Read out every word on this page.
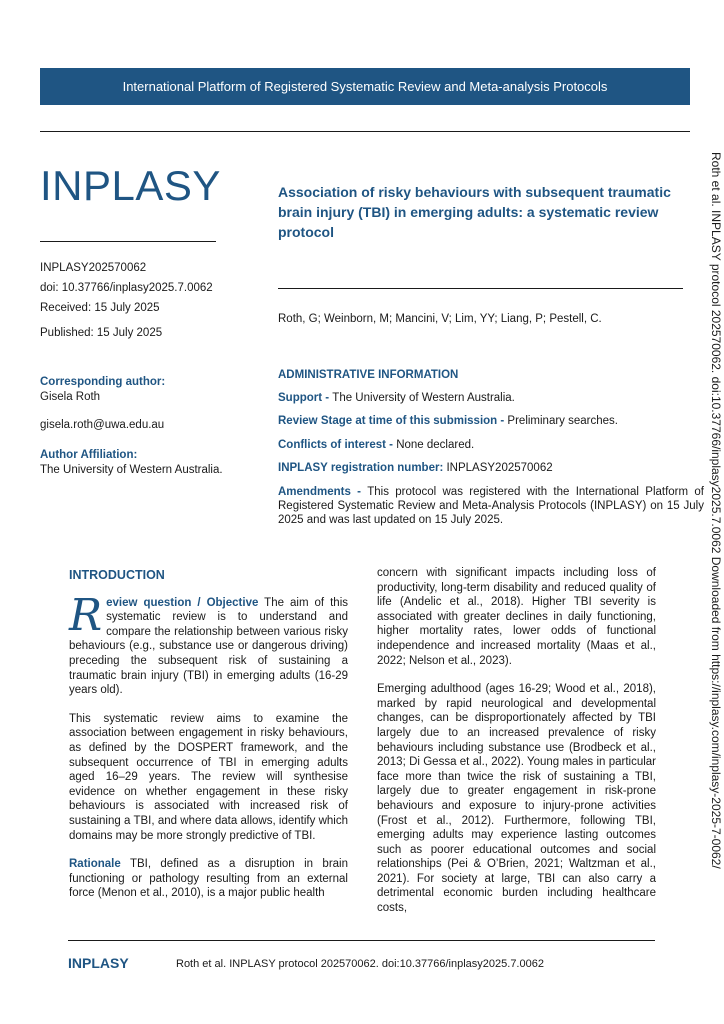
International Platform of Registered Systematic Review and Meta-analysis Protocols
INPLASY
INPLASY202570062
doi: 10.37766/inplasy2025.7.0062
Received: 15 July 2025
Published: 15 July 2025
Association of risky behaviours with subsequent traumatic brain injury (TBI) in emerging adults: a systematic review protocol
Roth, G; Weinborn, M; Mancini, V; Lim, YY; Liang, P; Pestell, C.
Corresponding author:
Gisela Roth
gisela.roth@uwa.edu.au
Author Affiliation:
The University of Western Australia.
ADMINISTRATIVE INFORMATION
Support - The University of Western Australia.
Review Stage at time of this submission - Preliminary searches.
Conflicts of interest - None declared.
INPLASY registration number: INPLASY202570062
Amendments - This protocol was registered with the International Platform of Registered Systematic Review and Meta-Analysis Protocols (INPLASY) on 15 July 2025 and was last updated on 15 July 2025.	Roth et al. INPLASY protocol 202570062. doi:10.37766/inplasy2025.7.0062 Downloaded from https://inplasy.com/inplasy-2025-7-0062/
INTRODUCTION

Review question / Objective The aim of this systematic review is to understand and compare the relationship between various risky behaviours (e.g., substance use or dangerous driving) preceding the subsequent risk of sustaining a traumatic brain injury (TBI) in emerging adults (16-29 years old).

This systematic review aims to examine the association between engagement in risky behaviours, as defined by the DOSPERT framework, and the subsequent occurrence of TBI in emerging adults aged 16–29 years. The review will synthesise evidence on whether engagement in these risky behaviours is associated with increased risk of sustaining a TBI, and where data allows, identify which domains may be more strongly predictive of TBI.

Rationale TBI, defined as a disruption in brain functioning or pathology resulting from an external force (Menon et al., 2010), is a major public health

concern with significant impacts including loss of productivity, long-term disability and reduced quality of life (Andelic et al., 2018). Higher TBI severity is associated with greater declines in daily functioning, higher mortality rates, lower odds of functional independence and increased mortality (Maas et al., 2022; Nelson et al., 2023).

Emerging adulthood (ages 16-29; Wood et al., 2018), marked by rapid neurological and developmental changes, can be disproportionately affected by TBI largely due to an increased prevalence of risky behaviours including substance use (Brodbeck et al., 2013; Di Gessa et al., 2022). Young males in particular face more than twice the risk of sustaining a TBI, largely due to greater engagement in risk-prone behaviours and exposure to injury-prone activities (Frost et al., 2012). Furthermore, following TBI, emerging adults may experience lasting outcomes such as poorer educational outcomes and social relationships (Pei & O’Brien, 2021; Waltzman et al., 2021). For society at large, TBI can also carry a detrimental economic burden including healthcare costs,

INPLASY	Roth et al. INPLASY protocol 202570062. doi:10.37766/inplasy2025.7.0062
